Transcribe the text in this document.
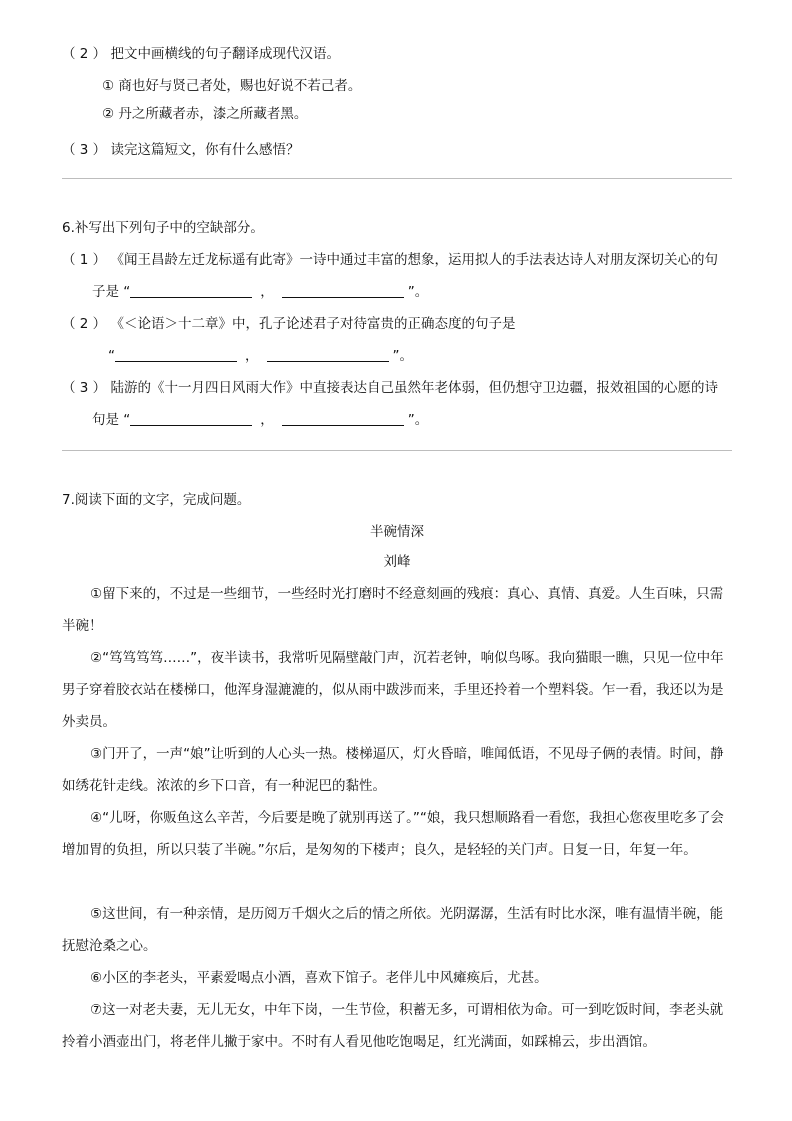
（ 2 ） 把文中画横线的句子翻译成现代汉语。
① 商也好与贤己者处，赐也好说不若己者。
② 丹之所藏者赤，漆之所藏者黑。
（ 3 ） 读完这篇短文，你有什么感悟？
6.补写出下列句子中的空缺部分。
（ 1 ） 《闻王昌龄左迁龙标遥有此寄》一诗中通过丰富的想象，运用拟人的手法表达诗人对朋友深切关心的句
子是 “	，	”。
（ 2 ） 《＜论语＞十二章》中，孔子论述君子对待富贵的正确态度的句子是
“	，	”。
（ 3 ） 陆游的《十一月四日风雨大作》中直接表达自己虽然年老体弱，但仍想守卫边疆，报效祖国的心愿的诗
句是 “	，	”。
7.阅读下面的文字，完成问题。
半碗情深
刘峰
①留下来的，不过是一些细节，一些经时光打磨时不经意刻画的残痕：真心、真情、真爱。人生百味，只需半碗！
②“笃笃笃笃……”，夜半读书，我常听见隔壁敲门声，沉若老钟，响似鸟啄。我向猫眼一瞧，只见一位中年男子穿着胶衣站在楼梯口，他浑身湿漉漉的，似从雨中跋涉而来，手里还拎着一个塑料袋。乍一看，我还以为是外卖员。
③门开了，一声“娘”让听到的人心头一热。楼梯逼仄，灯火昏暗，唯闻低语，不见母子俩的表情。时间，静如绣花针走线。浓浓的乡下口音，有一种泥巴的黏性。
④“儿呀，你贩鱼这么辛苦，今后要是晚了就别再送了。”“娘，我只想顺路看一看您，我担心您夜里吃多了会增加胃的负担，所以只装了半碗。”尔后，是匆匆的下楼声；良久，是轻轻的关门声。日复一日，年复一年。
⑤这世间，有一种亲情，是历阅万千烟火之后的情之所依。光阴潺潺，生活有时比水深，唯有温情半碗，能抚慰沧桑之心。
⑥小区的李老头，平素爱喝点小酒，喜欢下馆子。老伴儿中风瘫痪后，尤甚。
⑦这一对老夫妻，无儿无女，中年下岗，一生节俭，积蓄无多，可谓相依为命。可一到吃饭时间，李老头就拎着小酒壶出门，将老伴儿撇于家中。不时有人看见他吃饱喝足，红光满面，如踩棉云，步出酒馆。
